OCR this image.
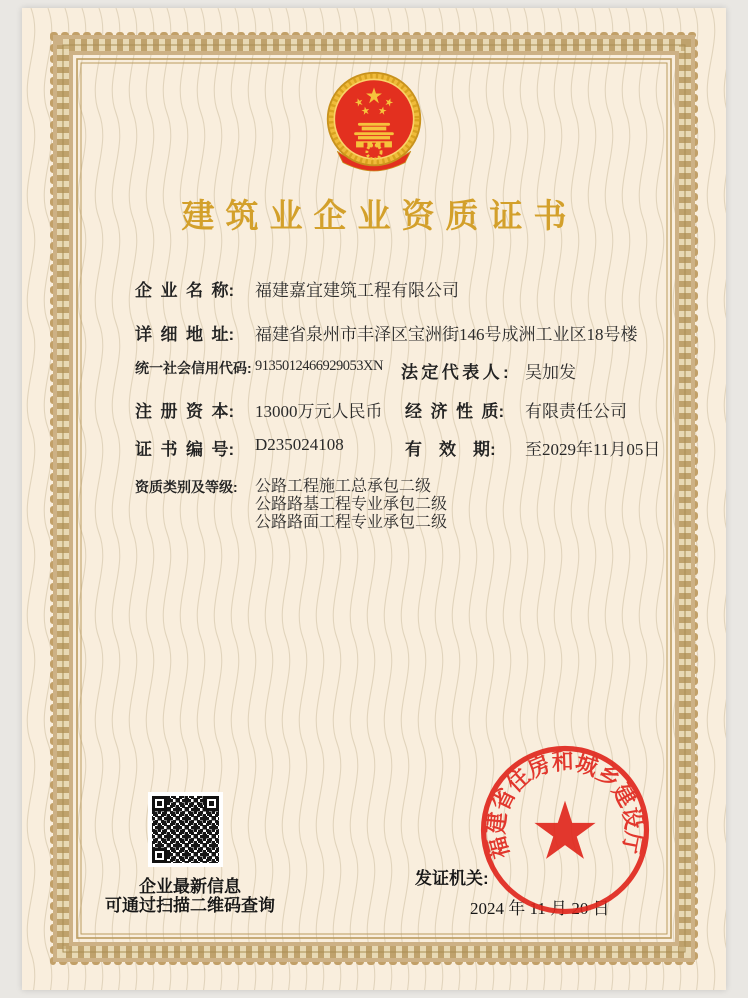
建筑业企业资质证书
企 业 名 称: 福建嘉宜建筑工程有限公司
详 细 地 址: 福建省泉州市丰泽区宝洲街146号成洲工业区18号楼
统一社会信用代码: 9135012466929053XN 法 定 代 表 人 : 吴加发
注 册 资 本: 13000万元人民币 经 济 性 质: 有限责任公司
证 书 编 号: D235024108	有 效 期: 至2029年11月05日
资质类别及等级: 公路工程施工总承包二级
公路路基工程专业承包二级
公路路面工程专业承包二级
企业最新信息
可通过扫描二维码查询
发证机关:
2024 年 11 月 20 日
福建省住房和城乡建设厅
